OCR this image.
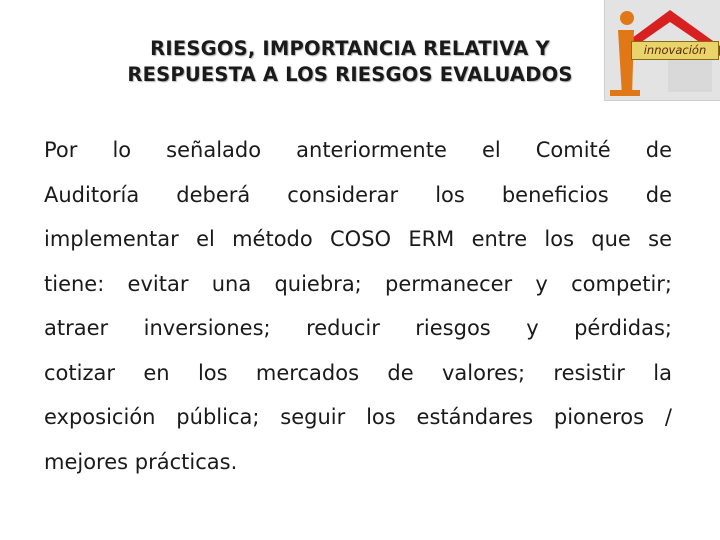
RIESGOS, IMPORTANCIA RELATIVA Y
RESPUESTA A LOS RIESGOS EVALUADOS
innovación
Por lo señalado anteriormente el Comité de
Auditoría deberá considerar los beneficios de
implementar el método COSO ERM entre los que se
tiene: evitar una quiebra; permanecer y competir;
atraer inversiones; reducir riesgos y pérdidas;
cotizar en los mercados de valores; resistir la
exposición pública; seguir los estándares pioneros /
mejores prácticas.
